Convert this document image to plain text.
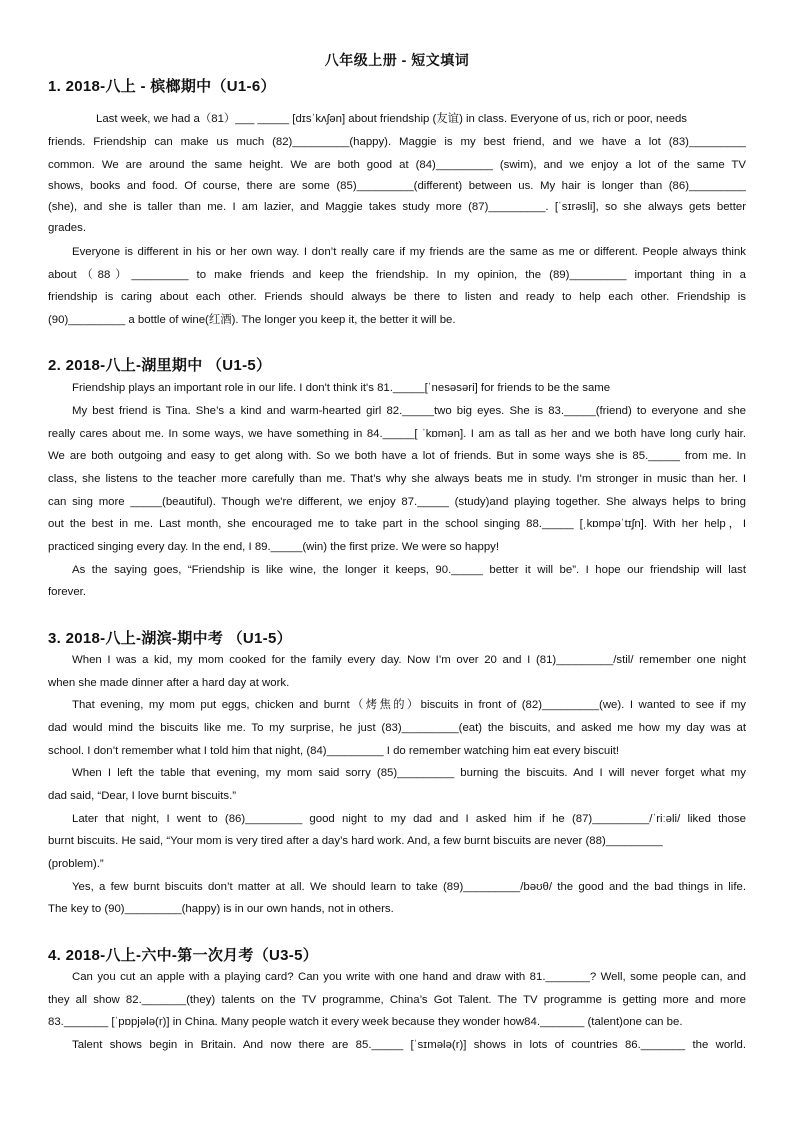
八年级上册 - 短文填词
1. 2018-八上 - 槟榔期中（U1-6）
Last week, we had a（81）___ _____ [dɪsˈkʌʃən] about friendship (友谊) in class. Everyone of us, rich or poor, needs
friends. Friendship can make us much (82)_________(happy). Maggie is my best friend, and we have a lot (83)_________
common. We are around the same height. We are both good at (84)_________ (swim), and we enjoy a lot of the same TV
shows, books and food. Of course, there are some (85)_________(different) between us. My hair is longer than (86)_________
(she), and she is taller than me. I am lazier, and Maggie takes study more (87)_________. [ˈsɪrəsli], so she always gets better
grades.
Everyone is different in his or her own way. I don’t really care if my friends are the same as me or different. People always think
about（88）_________ to make friends and keep the friendship. In my opinion, the (89)_________ important thing in a
friendship is caring about each other. Friends should always be there to listen and ready to help each other. Friendship is
(90)_________ a bottle of wine(红酒). The longer you keep it, the better it will be.
2. 2018-八上-湖里期中 （U1-5）
Friendship plays an important role in our life. I don't think it's 81._____[ˈnesəsəri] for friends to be the same
My best friend is Tina. She’s a kind and warm-hearted girl 82._____two big eyes. She is 83._____(friend) to everyone and she
really cares about me. In some ways, we have something in 84._____[ ˈkɒmən]. I am as tall as her and we both have long curly hair.
We are both outgoing and easy to get along with. So we both have a lot of friends. But in some ways she is 85._____ from me. In
class, she listens to the teacher more carefully than me. That’s why she always beats me in study. I'm stronger in music than her. I
can sing more _____(beautiful). Though we're different, we enjoy 87._____ (study)and playing together. She always helps to bring
out the best in me. Last month, she encouraged me to take part in the school singing 88._____ [ˌkɒmpəˈtɪʃn]. With her help，I
practiced singing every day. In the end, I 89._____(win) the first prize. We were so happy!
As the saying goes, “Friendship is like wine, the longer it keeps, 90._____ better it will be”. I hope our friendship will last
forever.
3. 2018-八上-湖滨-期中考 （U1-5）
When I was a kid, my mom cooked for the family every day. Now I’m over 20 and I (81)_________/stil/ remember one night
when she made dinner after a hard day at work.
That evening, my mom put eggs, chicken and burnt（烤焦的）biscuits in front of (82)_________(we). I wanted to see if my
dad would mind the biscuits like me. To my surprise, he just (83)_________(eat) the biscuits, and asked me how my day was at
school. I don’t remember what I told him that night, (84)_________ I do remember watching him eat every biscuit!
When I left the table that evening, my mom said sorry (85)_________ burning the biscuits. And I will never forget what my
dad said, “Dear, I love burnt biscuits.”
Later that night, I went to (86)_________ good night to my dad and I asked him if he (87)_________/ˈriːəli/ liked those
burnt biscuits. He said, “Your mom is very tired after a day’s hard work. And, a few burnt biscuits are never (88)_________
(problem).”
Yes, a few burnt biscuits don’t matter at all. We should learn to take (89)_________/bəʊθ/ the good and the bad things in life.
The key to (90)_________(happy) is in our own hands, not in others.
4. 2018-八上-六中-第一次月考（U3-5）
Can you cut an apple with a playing card? Can you write with one hand and draw with 81._______? Well, some people can, and
they all show 82._______(they) talents on the TV programme, China’s Got Talent. The TV programme is getting more and more
83._______ [ˈpɒpjələ(r)] in China. Many people watch it every week because they wonder how84._______ (talent)one can be.
Talent shows begin in Britain. And now there are 85._____ [ˈsɪmələ(r)] shows in lots of countries 86._______ the world.
